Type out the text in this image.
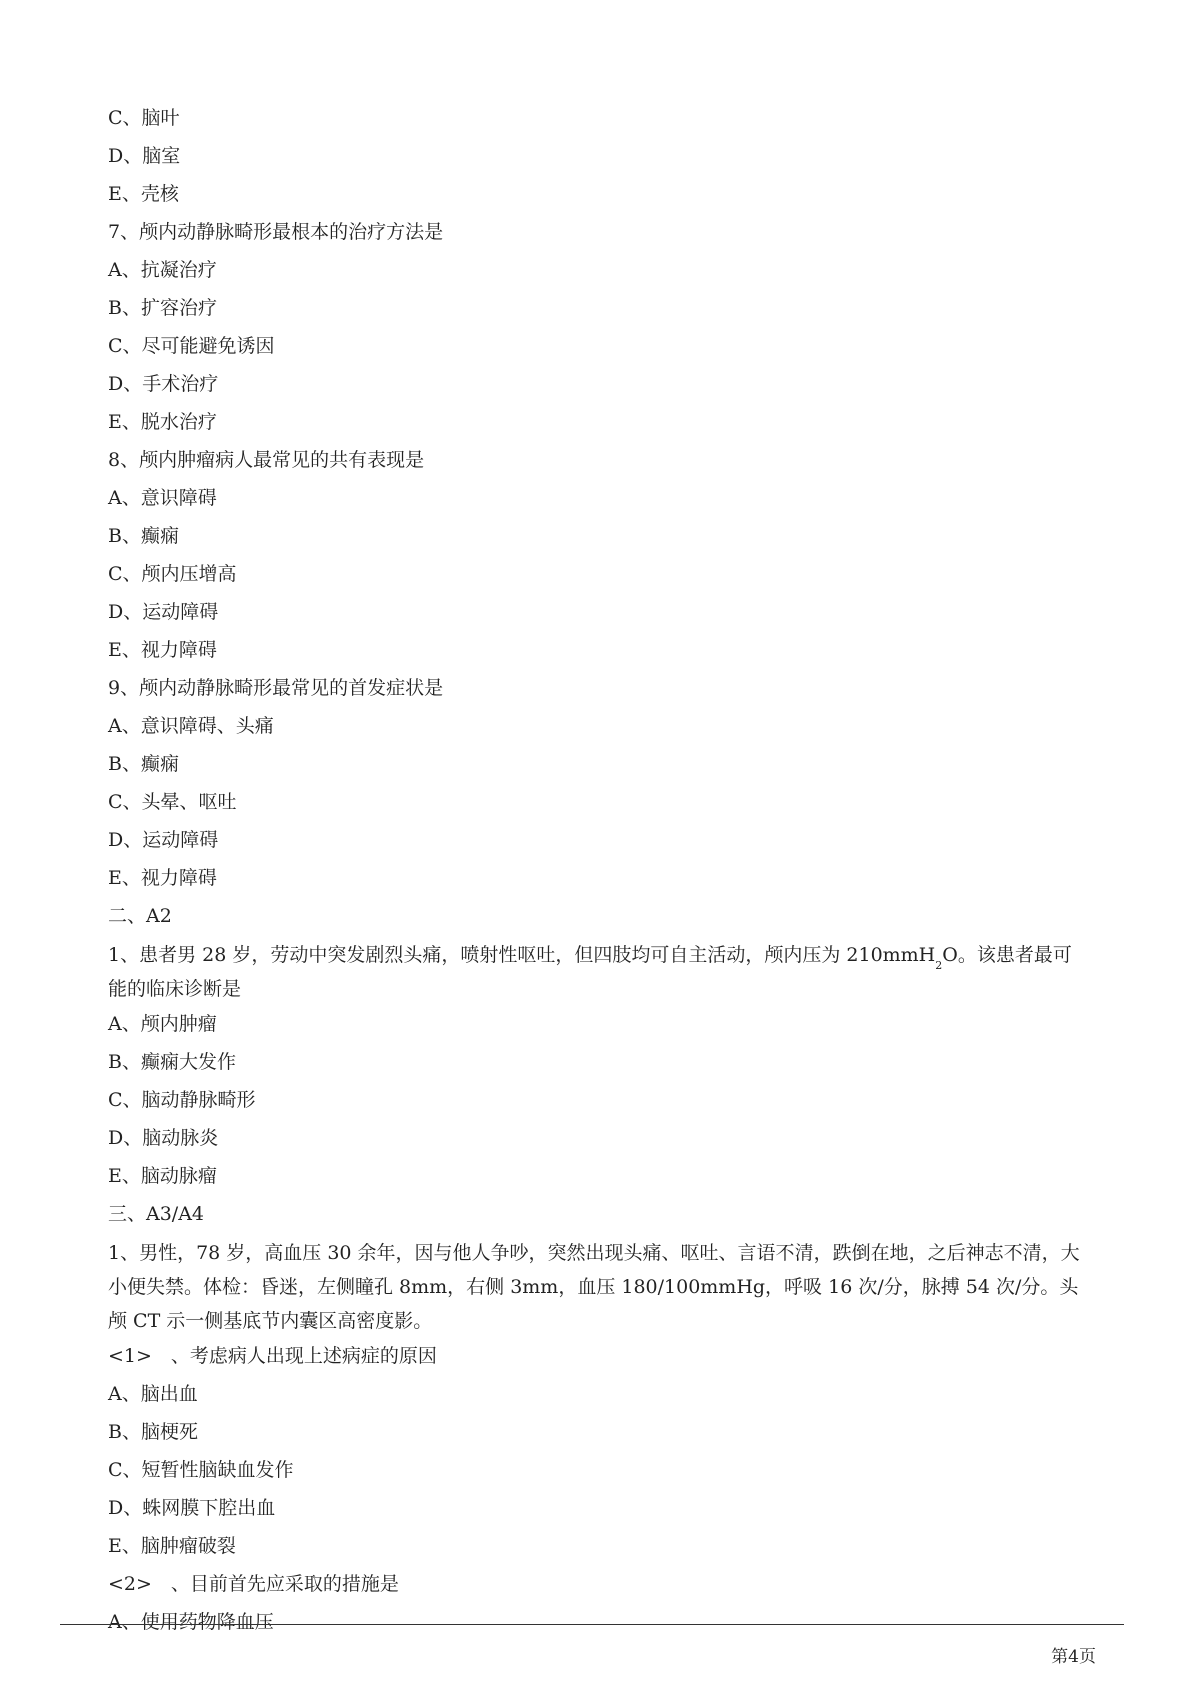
C、脑叶

D、脑室

E、壳核

7、颅内动静脉畸形最根本的治疗方法是

A、抗凝治疗

B、扩容治疗

C、尽可能避免诱因

D、手术治疗

E、脱水治疗

8、颅内肿瘤病人最常见的共有表现是

A、意识障碍

B、癫痫

C、颅内压增高

D、运动障碍

E、视力障碍

9、颅内动静脉畸形最常见的首发症状是

A、意识障碍、头痛

B、癫痫

C、头晕、呕吐

D、运动障碍

E、视力障碍

二、A2

1、患者男 28 岁，劳动中突发剧烈头痛，喷射性呕吐，但四肢均可自主活动，颅内压为 210mmH$_2$O。该患者最可能的临床诊断是

A、颅内肿瘤

B、癫痫大发作

C、脑动静脉畸形

D、脑动脉炎

E、脑动脉瘤

三、A3/A4

1、男性，78 岁，高血压 30 余年，因与他人争吵，突然出现头痛、呕吐、言语不清，跌倒在地，之后神志不清，大小便失禁。体检：昏迷，左侧瞳孔 8mm，右侧 3mm，血压 180/100mmHg，呼吸 16 次/分，脉搏 54 次/分。头颅 CT 示一侧基底节内囊区高密度影。

<1>　、考虑病人出现上述病症的原因

A、脑出血

B、脑梗死

C、短暂性脑缺血发作

D、蛛网膜下腔出血

E、脑肿瘤破裂

<2>　、目前首先应采取的措施是

A、使用药物降血压

第4页
